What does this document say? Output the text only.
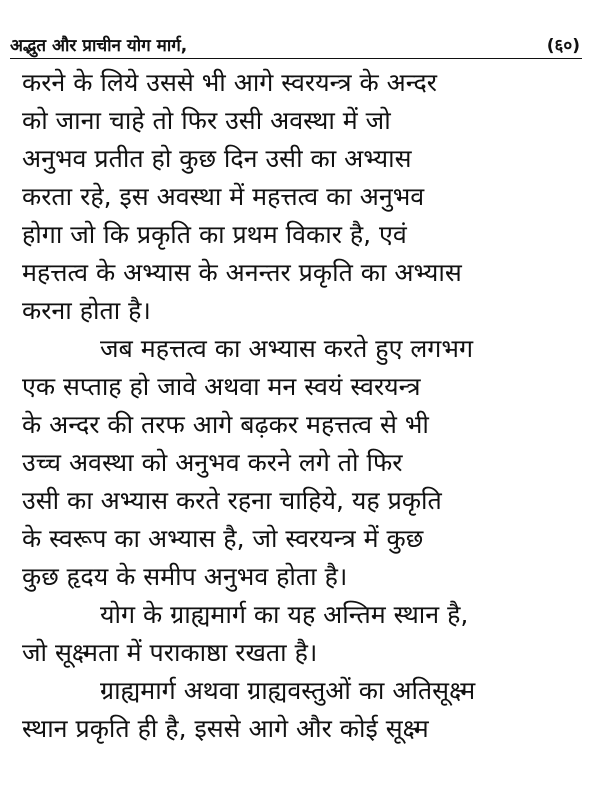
अद्भुत और प्राचीन योग मार्ग,	(६०)
करने के लिये उससे भी आगे स्वरयन्त्र के अन्दर
को जाना चाहे तो फिर उसी अवस्था में जो
अनुभव प्रतीत हो कुछ दिन उसी का अभ्यास
करता रहे, इस अवस्था में महत्तत्व का अनुभव
होगा जो कि प्रकृति का प्रथम विकार है, एवं
महत्तत्व के अभ्यास के अनन्तर प्रकृति का अभ्यास
करना होता है।
जब महत्तत्व का अभ्यास करते हुए लगभग
एक सप्ताह हो जावे अथवा मन स्वयं स्वरयन्त्र
के अन्दर की तरफ आगे बढ़कर महत्तत्व से भी
उच्च अवस्था को अनुभव करने लगे तो फिर
उसी का अभ्यास करते रहना चाहिये, यह प्रकृति
के स्वरूप का अभ्यास है, जो स्वरयन्त्र में कुछ
कुछ हृदय के समीप अनुभव होता है।
योग के ग्राह्यमार्ग का यह अन्तिम स्थान है,
जो सूक्ष्मता में पराकाष्ठा रखता है।
ग्राह्यमार्ग अथवा ग्राह्यवस्तुओं का अतिसूक्ष्म
स्थान प्रकृति ही है, इससे आगे और कोई सूक्ष्म
